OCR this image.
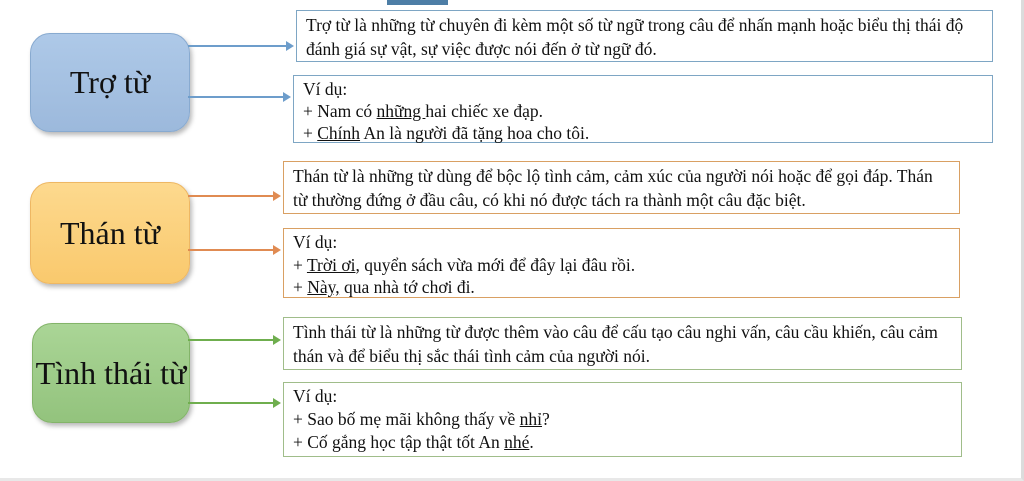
Trợ từ
Trợ từ là những từ chuyên đi kèm một số từ ngữ trong câu để nhấn mạnh hoặc biểu thị thái độ đánh giá sự vật, sự việc được nói đến ở từ ngữ đó.
Ví dụ:
+ Nam có những hai chiếc xe đạp.
+ Chính An là người đã tặng hoa cho tôi.
Thán từ
Thán từ là những từ dùng để bộc lộ tình cảm, cảm xúc của người nói hoặc để gọi đáp. Thán từ thường đứng ở đầu câu, có khi nó được tách ra thành một câu đặc biệt.
Ví dụ:
+ Trời ơi, quyển sách vừa mới để đây lại đâu rồi.
+ Này, qua nhà tớ chơi đi.
Tình thái từ
Tình thái từ là những từ được thêm vào câu để cấu tạo câu nghi vấn, câu cầu khiến, câu cảm thán và để biểu thị sắc thái tình cảm của người nói.
Ví dụ:
+ Sao bố mẹ mãi không thấy về nhỉ?
+ Cố gắng học tập thật tốt An nhé.
